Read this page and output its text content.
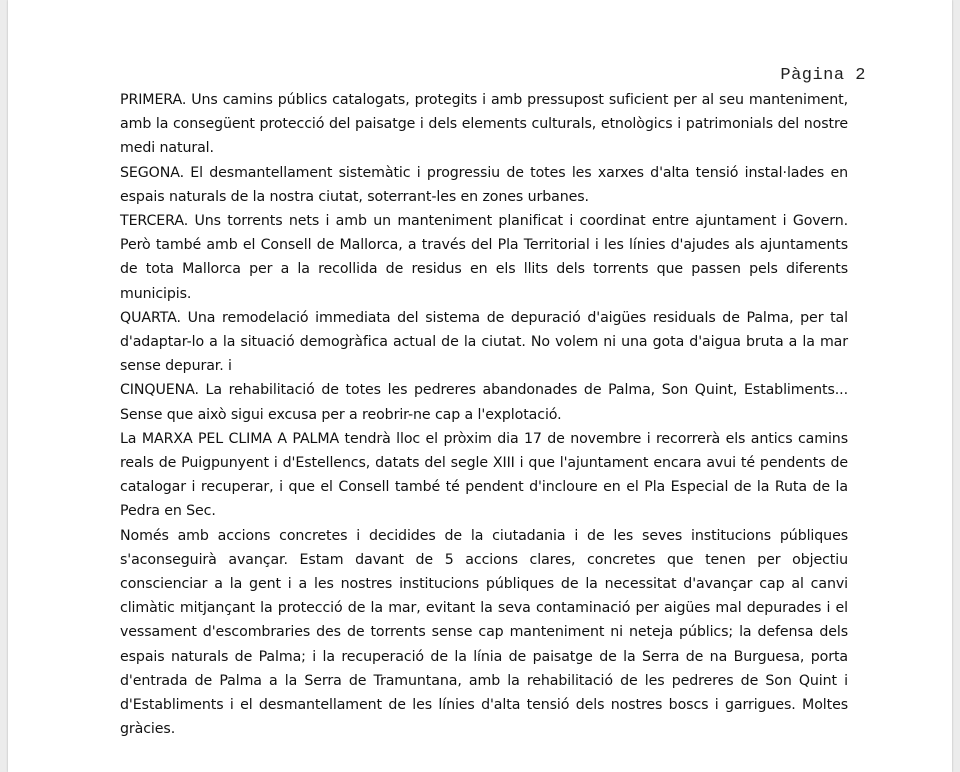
Pàgina 2

PRIMERA. Uns camins públics catalogats, protegits i amb pressupost suficient per al seu manteniment, amb la consegüent protecció del paisatge i dels elements culturals, etnològics i patrimonials del nostre medi natural.

SEGONA. El desmantellament sistemàtic i progressiu de totes les xarxes d'alta tensió instal·lades en espais naturals de la nostra ciutat, soterrant-les en zones urbanes.

TERCERA. Uns torrents nets i amb un manteniment planificat i coordinat entre ajuntament i Govern. Però també amb el Consell de Mallorca, a través del Pla Territorial i les línies d'ajudes als ajuntaments de tota Mallorca per a la recollida de residus en els llits dels torrents que passen pels diferents municipis.

QUARTA. Una remodelació immediata del sistema de depuració d'aigües residuals de Palma, per tal d'adaptar-lo a la situació demogràfica actual de la ciutat. No volem ni una gota d'aigua bruta a la mar sense depurar. i

CINQUENA. La rehabilitació de totes les pedreres abandonades de Palma, Son Quint, Establiments... Sense que això sigui excusa per a reobrir-ne cap a l'explotació.

La MARXA PEL CLIMA A PALMA tendrà lloc el pròxim dia 17 de novembre i recorrerà els antics camins reals de Puigpunyent i d'Estellencs, datats del segle XIII i que l'ajuntament encara avui té pendents de catalogar i recuperar, i que el Consell també té pendent d'incloure en el Pla Especial de la Ruta de la Pedra en Sec.

Només amb accions concretes i decidides de la ciutadania i de les seves institucions públiques s'aconseguirà avançar. Estam davant de 5 accions clares, concretes que tenen per objectiu conscienciar a la gent i a les nostres institucions públiques de la necessitat d'avançar cap al canvi climàtic mitjançant la protecció de la mar, evitant la seva contaminació per aigües mal depurades i el vessament d'escombraries des de torrents sense cap manteniment ni neteja públics; la defensa dels espais naturals de Palma; i la recuperació de la línia de paisatge de la Serra de na Burguesa, porta d'entrada de Palma a la Serra de Tramuntana, amb la rehabilitació de les pedreres de Son Quint i d'Establiments i el desmantellament de les línies d'alta tensió dels nostres boscs i garrigues. Moltes gràcies.
